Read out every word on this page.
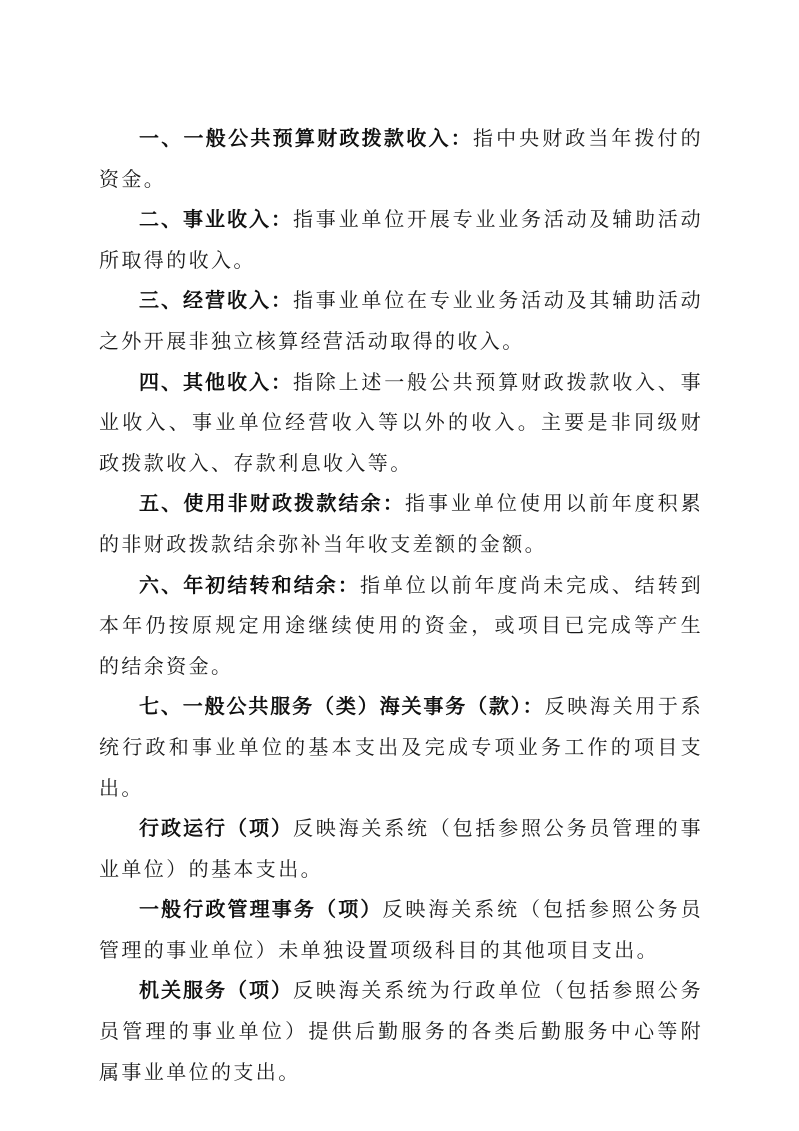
一、一般公共预算财政拨款收入：指中央财政当年拨付的资金。

二、事业收入：指事业单位开展专业业务活动及辅助活动所取得的收入。

三、经营收入：指事业单位在专业业务活动及其辅助活动之外开展非独立核算经营活动取得的收入。

四、其他收入：指除上述一般公共预算财政拨款收入、事业收入、事业单位经营收入等以外的收入。主要是非同级财政拨款收入、存款利息收入等。

五、使用非财政拨款结余：指事业单位使用以前年度积累的非财政拨款结余弥补当年收支差额的金额。

六、年初结转和结余：指单位以前年度尚未完成、结转到本年仍按原规定用途继续使用的资金，或项目已完成等产生的结余资金。

七、一般公共服务（类）海关事务（款）：反映海关用于系统行政和事业单位的基本支出及完成专项业务工作的项目支出。

行政运行（项）反映海关系统（包括参照公务员管理的事业单位）的基本支出。

一般行政管理事务（项）反映海关系统（包括参照公务员管理的事业单位）未单独设置项级科目的其他项目支出。

机关服务（项）反映海关系统为行政单位（包括参照公务员管理的事业单位）提供后勤服务的各类后勤服务中心等附属事业单位的支出。
